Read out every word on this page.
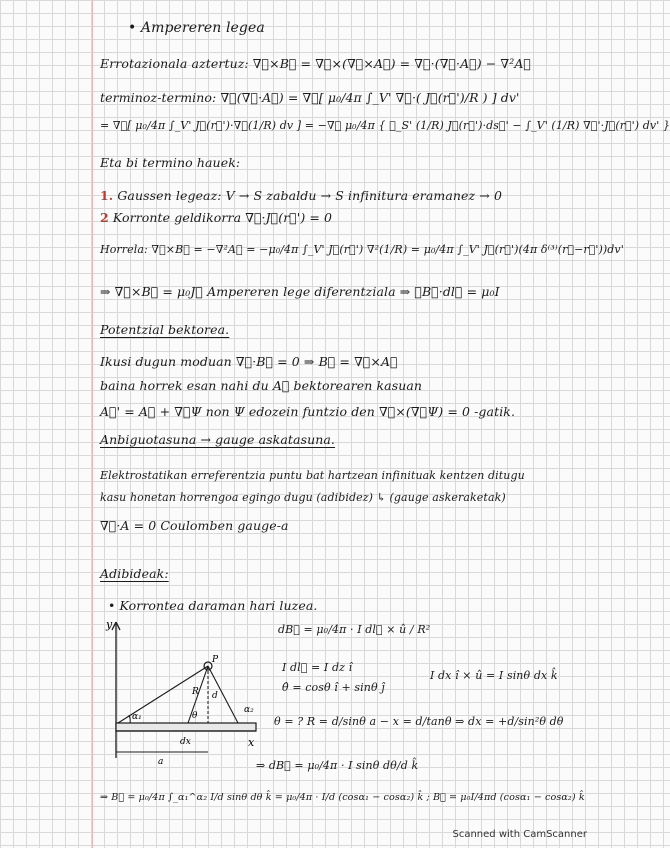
• Ampereren legea
Errotazionala aztertuz: ∇⃗×B⃗ = ∇⃗×(∇⃗×A⃗) = ∇⃗·(∇⃗·A⃗) − ∇²A⃗
terminoz-termino: ∇⃗(∇⃗·A⃗) = ∇⃗[ μ₀/4π ∫_V' ∇⃗·( J⃗(r⃗')/R ) ] dv'
= ∇⃗[ μ₀/4π ∫_V' J⃗(r⃗')·∇⃗(1/R) dv ] = −∇⃗ μ₀/4π { ∮_S' (1/R) J⃗(r⃗')·ds⃗' − ∫_V' (1/R) ∇⃗'·J⃗(r⃗') dv' }
Eta bi termino hauek:
1. Gaussen legeaz: V → S zabaldu → S infinitura eramanez → 0
2 Korronte geldikorra ∇⃗·J⃗(r⃗') = 0
Horrela: ∇⃗×B⃗ = −∇²A⃗ = −μ₀/4π ∫_V' J⃗(r⃗') ∇²(1/R) = μ₀/4π ∫_V' J⃗(r⃗')(4π δ⁽³⁾(r⃗−r⃗'))dv'
⇒ ∇⃗×B⃗ = μ₀J⃗ Ampereren lege diferentziala ⇒ ∮B⃗·dl⃗ = μ₀I
Potentzial bektorea.
Ikusi dugun moduan ∇⃗·B⃗ = 0 ⇒ B⃗ = ∇⃗×A⃗
baina horrek esan nahi du A⃗ bektorearen kasuan
A⃗' = A⃗ + ∇⃗Ψ non Ψ edozein funtzio den ∇⃗×(∇⃗Ψ) = 0 -gatik.
Anbiguotasuna → gauge askatasuna.
Elektrostatikan erreferentzia puntu bat hartzean infinituak kentzen ditugu
kasu honetan horrengoa egingo dugu (adibidez) ↳ (gauge askeraketak)
∇⃗·A = 0 Coulomben gauge-a
Adibideak:
• Korrontea daraman hari luzea.
dB⃗ = μ₀/4π · I dl⃗ × û / R²
I dl⃗ = I dz î
θ̂ = cosθ î + sinθ ĵ
I dx î × û = I sinθ dx k̂
θ = ? R = d/sinθ a − x = d/tanθ ⇒ dx = +d/sin²θ dθ
⇒ dB⃗ = μ₀/4π · I sinθ dθ/d k̂
⇒ B⃗ = μ₀/4π ∫_α₁^α₂ I/d sinθ dθ k̂ = μ₀/4π · I/d (cosα₁ − cosα₂) k̂ ; B⃗ = μ₀I/4πd (cosα₁ − cosα₂) k̂
y
x
α₁	θ
α₂
R d
P
dx
a
Scanned with CamScanner
